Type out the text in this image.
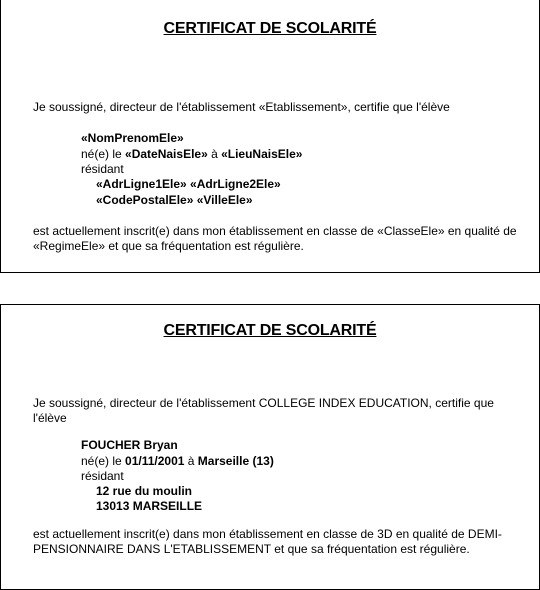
CERTIFICAT DE SCOLARITÉ
Je soussigné, directeur de l'établissement «Etablissement», certifie que l'élève
«NomPrenomEle»
né(e) le «DateNaisEle» à «LieuNaisEle»
résidant
«AdrLigne1Ele» «AdrLigne2Ele»
«CodePostalEle» «VilleEle»
est actuellement inscrit(e) dans mon établissement en classe de «ClasseEle» en qualité de «RegimeEle» et que sa fréquentation est régulière.
CERTIFICAT DE SCOLARITÉ
Je soussigné, directeur de l'établissement COLLEGE INDEX EDUCATION, certifie que l'élève
FOUCHER Bryan
né(e) le 01/11/2001 à Marseille (13)
résidant
12 rue du moulin
13013 MARSEILLE
est actuellement inscrit(e) dans mon établissement en classe de 3D en qualité de DEMI-PENSIONNAIRE DANS L'ETABLISSEMENT et que sa fréquentation est régulière.
